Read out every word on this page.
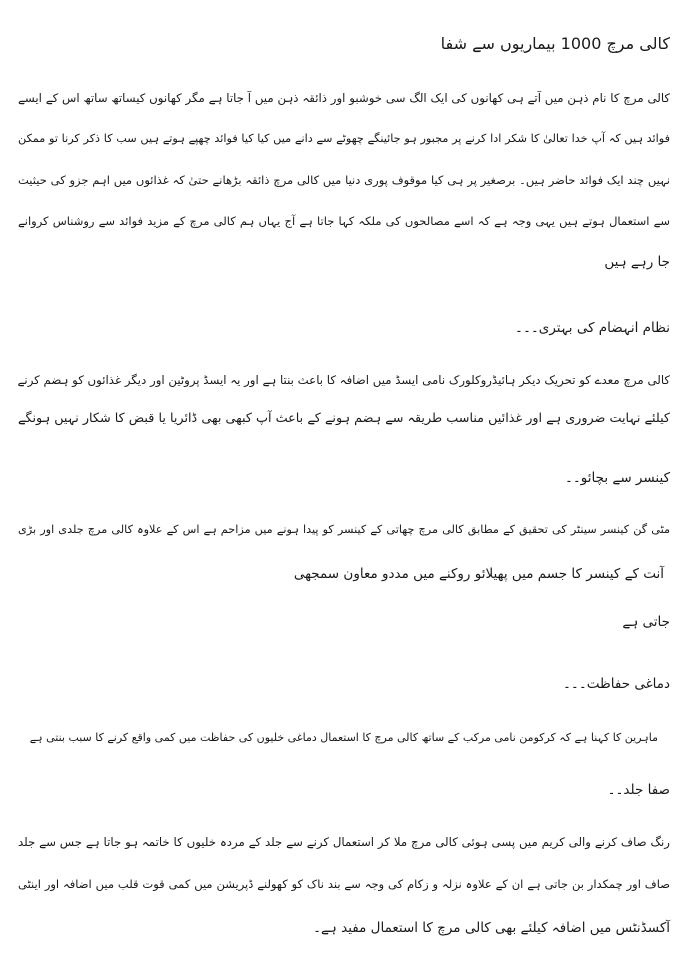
کالی مرچ 1000 بیماریوں سے شفا

کالی مرچ کا نام ذہن میں آتے ہی کھانوں کی ایک الگ سی خوشبو اور ذائقہ ذہن میں آ جاتا ہے مگر کھانوں کیساتھ ساتھ اس کے ایسے

فوائد ہیں کہ آپ خدا تعالیٰ کا شکر ادا کرنے پر مجبور ہو جائینگے چھوٹے سے دانے میں کیا کیا فوائد چھپے ہوتے ہیں سب کا ذکر کرنا تو ممکن

نہیں چند ایک فوائد حاضر ہیں۔ برصغیر پر ہی کیا موقوف پوری دنیا میں کالی مرچ ذائقہ بڑھانے حتیٰ کہ غذائوں میں اہم جزو کی حیثیت

سے استعمال ہوتے ہیں یہی وجہ ہے کہ اسے مصالحوں کی ملکہ کہا جاتا ہے آج یہاں ہم کالی مرچ کے مزید فوائد سے روشناس کروانے

جا رہے ہیں

نظام انہضام کی بہتری۔۔۔

کالی مرچ معدے کو تحریک دیکر ہائیڈروکلورک نامی ایسڈ میں اضافہ کا باعث بنتا ہے اور یہ ایسڈ پروٹین اور دیگر غذائوں کو ہضم کرنے

کیلئے نہایت ضروری ہے اور غذائیں مناسب طریقہ سے ہضم ہونے کے باعث آپ کبھی بھی ڈائریا یا قبض کا شکار نہیں ہونگے

کینسر سے بچائو۔۔

مٹی گن کینسر سینٹر کی تحقیق کے مطابق کالی مرچ چھاتی کے کینسر کو پیدا ہونے میں مزاحم ہے اس کے علاوہ کالی مرچ جلدی اور بڑی

آنت کے کینسر کا جسم میں پھیلائو روکنے میں مددو معاون سمجھی

جاتی ہے

دماغی حفاظت۔۔۔

ماہرین کا کہنا ہے کہ کرکومن نامی مرکب کے ساتھ کالی مرچ کا استعمال دماغی خلیوں کی حفاظت میں کمی واقع کرنے کا سبب بنتی ہے

صفا جلد۔۔

رنگ صاف کرنے والی کریم میں پسی ہوئی کالی مرچ ملا کر استعمال کرنے سے جلد کے مردہ خلیوں کا خاتمہ ہو جاتا ہے جس سے جلد

صاف اور چمکدار بن جاتی ہے ان کے علاوہ نزلہ و زکام کی وجہ سے بند ناک کو کھولنے ڈپریشن میں کمی قوت قلب میں اضافہ اور اینٹی

آکسڈنٹس میں اضافہ کیلئے بھی کالی مرچ کا استعمال مفید ہے۔
